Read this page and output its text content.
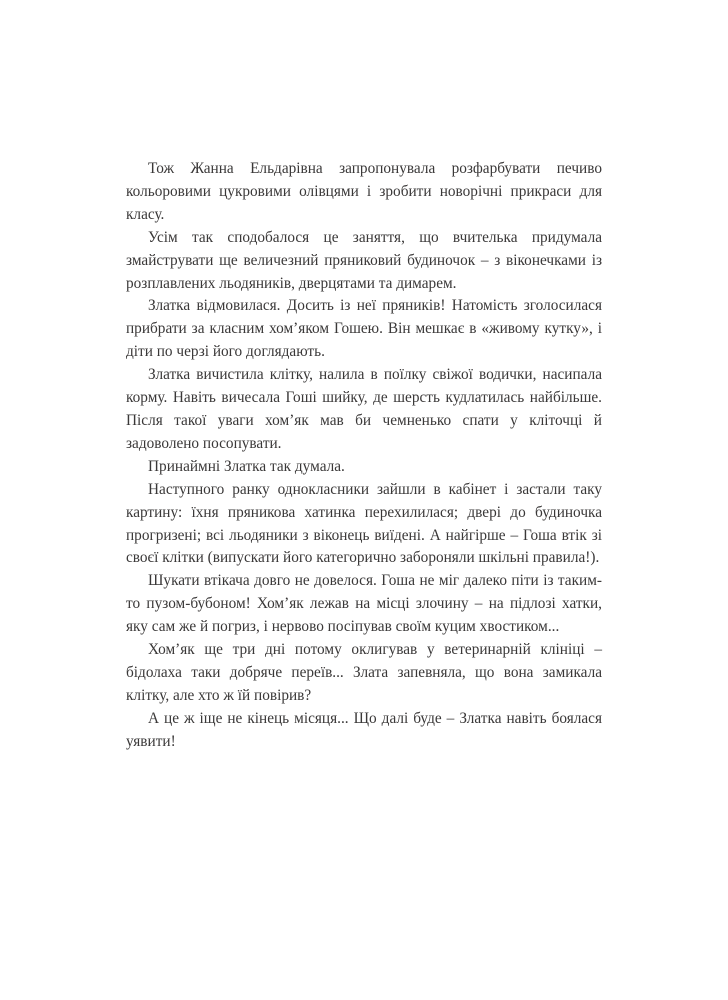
Тож Жанна Ельдарівна запропонувала розфарбувати печиво кольоровими цукровими олівцями і зробити новорічні прикраси для класу.

Усім так сподобалося це заняття, що вчителька придумала змайструвати ще величезний пряниковий будиночок – з віконечками із розплавлених льодяників, дверцятами та димарем.

Златка відмовилася. Досить із неї пряників! Натомість зголосилася прибрати за класним хом’яком Гошею. Він мешкає в «живому кутку», і діти по черзі його доглядають.

Златка вичистила клітку, налила в поїлку свіжої водички, насипала корму. Навіть вичесала Гоші шийку, де шерсть кудлатилась найбільше. Після такої уваги хом’як мав би чемненько спати у кліточці й задоволено посопувати.

Принаймні Златка так думала.

Наступного ранку однокласники зайшли в кабінет і застали таку картину: їхня пряникова хатинка перехилилася; двері до будиночка прогризені; всі льодяники з віконець виїдені. А найгірше – Гоша втік зі своєї клітки (випускати його категорично забороняли шкільні правила!).

Шукати втікача довго не довелося. Гоша не міг далеко піти із таким-то пузом-бубоном! Хом’як лежав на місці злочину – на підлозі хатки, яку сам же й погриз, і нервово посіпував своїм куцим хвостиком...

Хом’як ще три дні потому оклигував у ветеринарній клініці – бідолаха таки добряче переїв... Злата запевняла, що вона замикала клітку, але хто ж їй повірив?

А це ж іще не кінець місяця... Що далі буде – Златка навіть боялася уявити!
